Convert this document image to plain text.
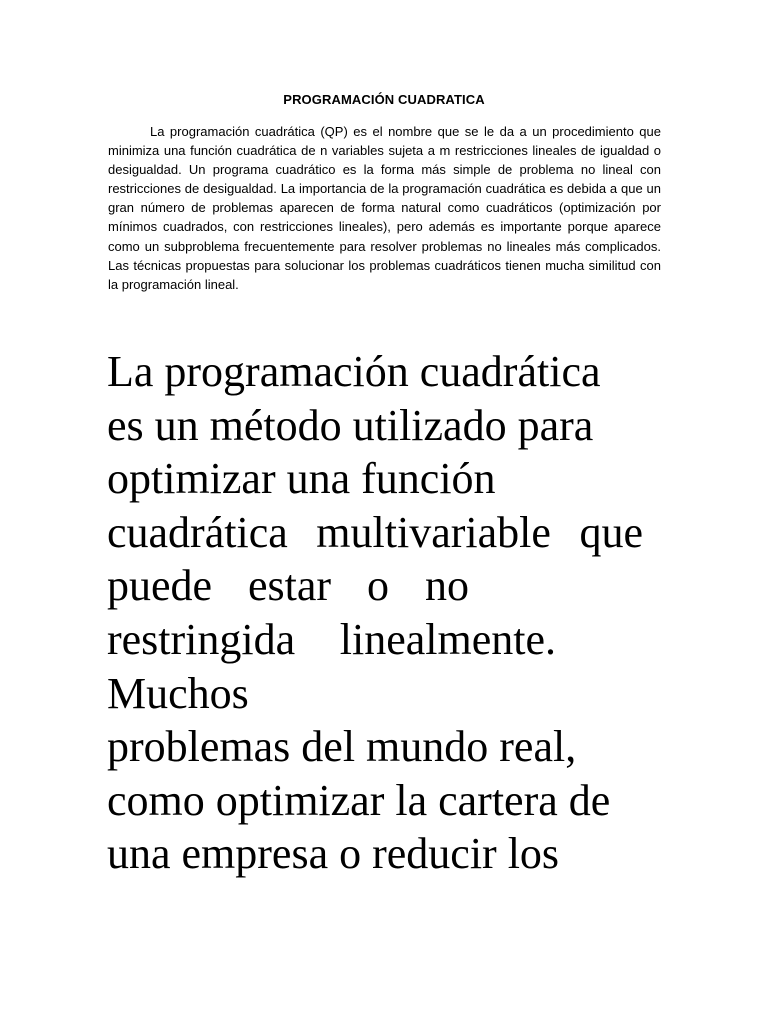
PROGRAMACIÓN CUADRATICA

La programación cuadrática (QP) es el nombre que se le da a un procedimiento que minimiza una función cuadrática de n variables sujeta a m restricciones lineales de igualdad o desigualdad. Un programa cuadrático es la forma más simple de problema no lineal con restricciones de desigualdad. La importancia de la programación cuadrática es debida a que un gran número de problemas aparecen de forma natural como cuadráticos (optimización por mínimos cuadrados, con restricciones lineales), pero además es importante porque aparece como un subproblema frecuentemente para resolver problemas no lineales más complicados. Las técnicas propuestas para solucionar los problemas cuadráticos tienen mucha similitud con la programación lineal.

La programación cuadrática
es un método utilizado para
optimizar una función
cuadrática multivariable que
puede estar o no
restringida linealmente.
Muchos
problemas del mundo real,
como optimizar la cartera de
una empresa o reducir los
